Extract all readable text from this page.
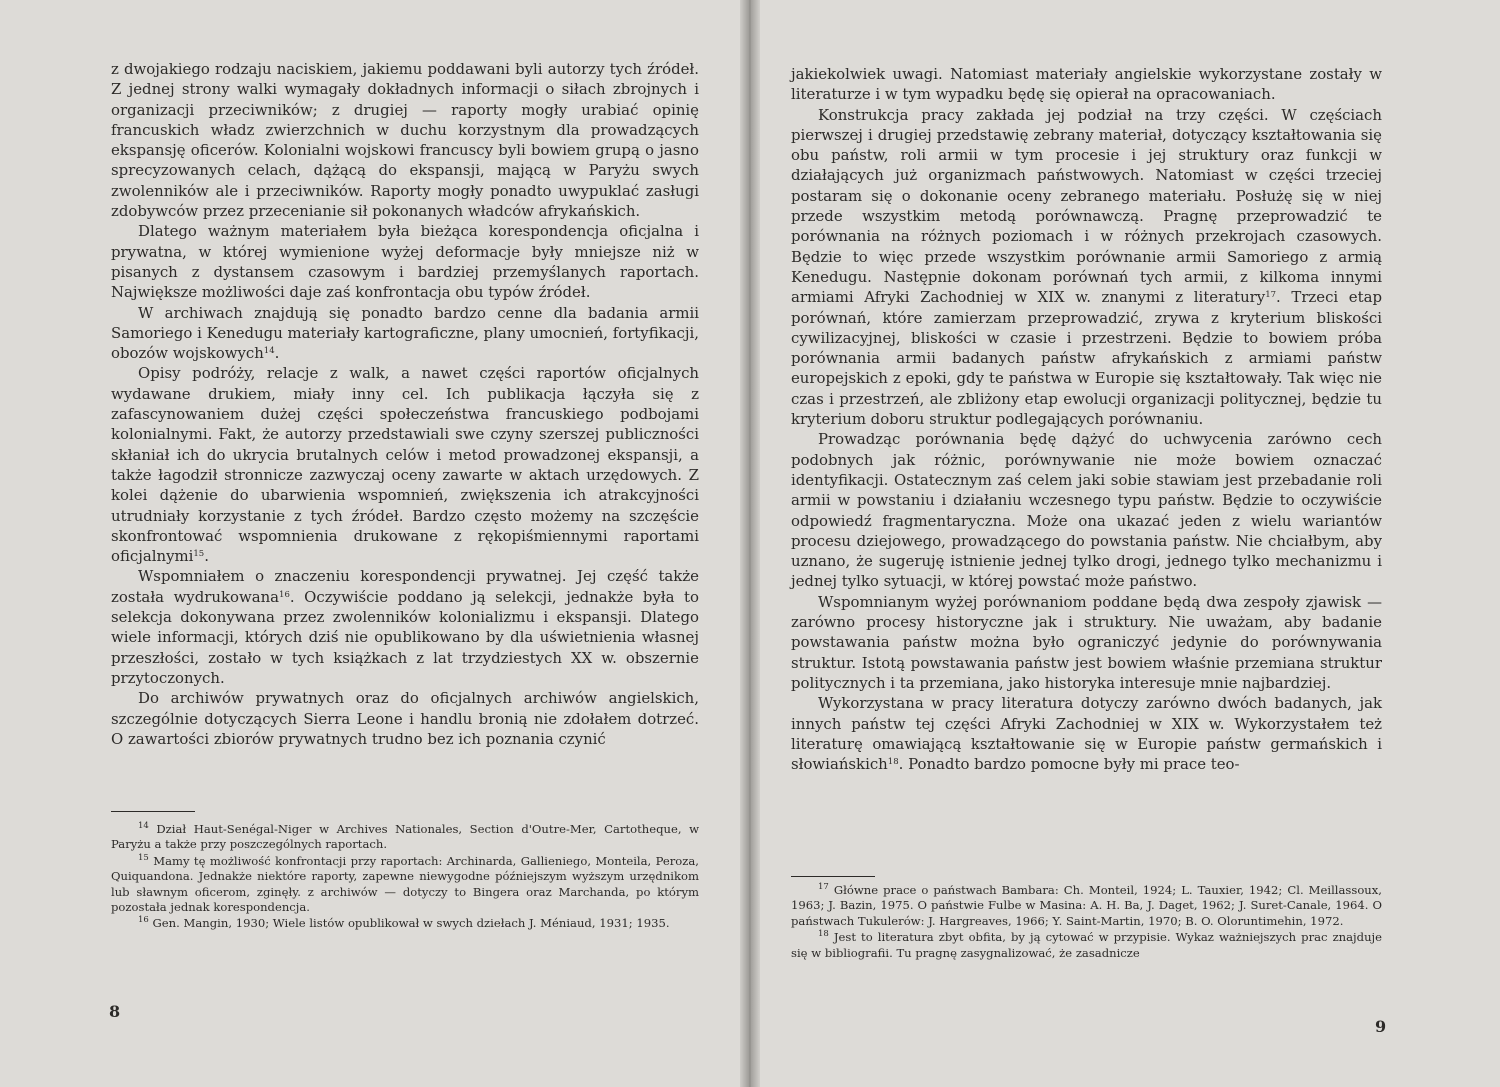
z dwojakiego rodzaju naciskiem, jakiemu poddawani byli autorzy tych źródeł. Z jednej strony walki wymagały dokładnych informacji o siłach zbrojnych i organizacji przeciwników; z drugiej — raporty mogły urabiać opinię francuskich władz zwierzchnich w duchu korzystnym dla prowadzących ekspansję oficerów. Kolonialni wojskowi francuscy byli bowiem grupą o jasno sprecyzowanych celach, dążącą do ekspansji, mającą w Paryżu swych zwolenników ale i przeciwników. Raporty mogły ponadto uwypuklać zasługi zdobywców przez przecenianie sił pokonanych władców afrykańskich.

Dlatego ważnym materiałem była bieżąca korespondencja oficjalna i prywatna, w której wymienione wyżej deformacje były mniejsze niż w pisanych z dystansem czasowym i bardziej przemyślanych raportach. Największe możliwości daje zaś konfrontacja obu typów źródeł.

W archiwach znajdują się ponadto bardzo cenne dla badania armii Samoriego i Kenedugu materiały kartograficzne, plany umocnień, fortyfikacji, obozów wojskowych$^{14}$.

Opisy podróży, relacje z walk, a nawet części raportów oficjalnych wydawane drukiem, miały inny cel. Ich publikacja łączyła się z zafascynowaniem dużej części społeczeństwa francuskiego podbojami kolonialnymi. Fakt, że autorzy przedstawiali swe czyny szerszej publiczności skłaniał ich do ukrycia brutalnych celów i metod prowadzonej ekspansji, a także łagodził stronnicze zazwyczaj oceny zawarte w aktach urzędowych. Z kolei dążenie do ubarwienia wspomnień, zwiększenia ich atrakcyjności utrudniały korzystanie z tych źródeł. Bardzo często możemy na szczęście skonfrontować wspomnienia drukowane z rękopiśmiennymi raportami oficjalnymi$^{15}$.

Wspomniałem o znaczeniu korespondencji prywatnej. Jej część także została wydrukowana$^{16}$. Oczywiście poddano ją selekcji, jednakże była to selekcja dokonywana przez zwolenników kolonializmu i ekspansji. Dlatego wiele informacji, których dziś nie opublikowano by dla uświetnienia własnej przeszłości, zostało w tych książkach z lat trzydziestych XX w. obszernie przytoczonych.

Do archiwów prywatnych oraz do oficjalnych archiwów angielskich, szczególnie dotyczących Sierra Leone i handlu bronią nie zdołałem dotrzeć. O zawartości zbiorów prywatnych trudno bez ich poznania czynić

$^{14}$ Dział Haut-Senégal-Niger w Archives Nationales, Section d'Outre-Mer, Cartotheque, w Paryżu a także przy poszczególnych raportach.

$^{15}$ Mamy tę możliwość konfrontacji przy raportach: Archinarda, Gallieniego, Monteila, Peroza, Quiquandona. Jednakże niektóre raporty, zapewne niewygodne późniejszym wyższym urzędnikom lub sławnym oficerom, zginęły. z archiwów — dotyczy to Bingera oraz Marchanda, po którym pozostała jednak korespondencja.

$^{16}$ Gen. Mangin, 1930; Wiele listów opublikował w swych dziełach J. Méniaud, 1931; 1935.

8

jakiekolwiek uwagi. Natomiast materiały angielskie wykorzystane zostały w literaturze i w tym wypadku będę się opierał na opracowaniach.

Konstrukcja pracy zakłada jej podział na trzy części. W częściach pierwszej i drugiej przedstawię zebrany materiał, dotyczący kształtowania się obu państw, roli armii w tym procesie i jej struktury oraz funkcji w działających już organizmach państwowych. Natomiast w części trzeciej postaram się o dokonanie oceny zebranego materiału. Posłużę się w niej przede wszystkim metodą porównawczą. Pragnę przeprowadzić te porównania na różnych poziomach i w różnych przekrojach czasowych. Będzie to więc przede wszystkim porównanie armii Samoriego z armią Kenedugu. Następnie dokonam porównań tych armii, z kilkoma innymi armiami Afryki Zachodniej w XIX w. znanymi z literatury$^{17}$. Trzeci etap porównań, które zamierzam przeprowadzić, zrywa z kryterium bliskości cywilizacyjnej, bliskości w czasie i przestrzeni. Będzie to bowiem próba porównania armii badanych państw afrykańskich z armiami państw europejskich z epoki, gdy te państwa w Europie się kształtowały. Tak więc nie czas i przestrzeń, ale zbliżony etap ewolucji organizacji politycznej, będzie tu kryterium doboru struktur podlegających porównaniu.

Prowadząc porównania będę dążyć do uchwycenia zarówno cech podobnych jak różnic, porównywanie nie może bowiem oznaczać identyfikacji. Ostatecznym zaś celem jaki sobie stawiam jest przebadanie roli armii w powstaniu i działaniu wczesnego typu państw. Będzie to oczywiście odpowiedź fragmentaryczna. Może ona ukazać jeden z wielu wariantów procesu dziejowego, prowadzącego do powstania państw. Nie chciałbym, aby uznano, że sugeruję istnienie jednej tylko drogi, jednego tylko mechanizmu i jednej tylko sytuacji, w której powstać może państwo.

Wspomnianym wyżej porównaniom poddane będą dwa zespoły zjawisk — zarówno procesy historyczne jak i struktury. Nie uważam, aby badanie powstawania państw można było ograniczyć jedynie do porównywania struktur. Istotą powstawania państw jest bowiem właśnie przemiana struktur politycznych i ta przemiana, jako historyka interesuje mnie najbardziej.

Wykorzystana w pracy literatura dotyczy zarówno dwóch badanych, jak innych państw tej części Afryki Zachodniej w XIX w. Wykorzystałem też literaturę omawiającą kształtowanie się w Europie państw germańskich i słowiańskich$^{18}$. Ponadto bardzo pomocne były mi prace teo-

$^{17}$ Główne prace o państwach Bambara: Ch. Monteil, 1924; L. Tauxier, 1942; Cl. Meillassoux, 1963; J. Bazin, 1975. O państwie Fulbe w Masina: A. H. Ba, J. Daget, 1962; J. Suret-Canale, 1964. O państwach Tukulerów: J. Hargreaves, 1966; Y. Saint-Martin, 1970; B. O. Oloruntimehin, 1972.

$^{18}$ Jest to literatura zbyt obfita, by ją cytować w przypisie. Wykaz ważniejszych prac znajduje się w bibliografii. Tu pragnę zasygnalizować, że zasadnicze

9
